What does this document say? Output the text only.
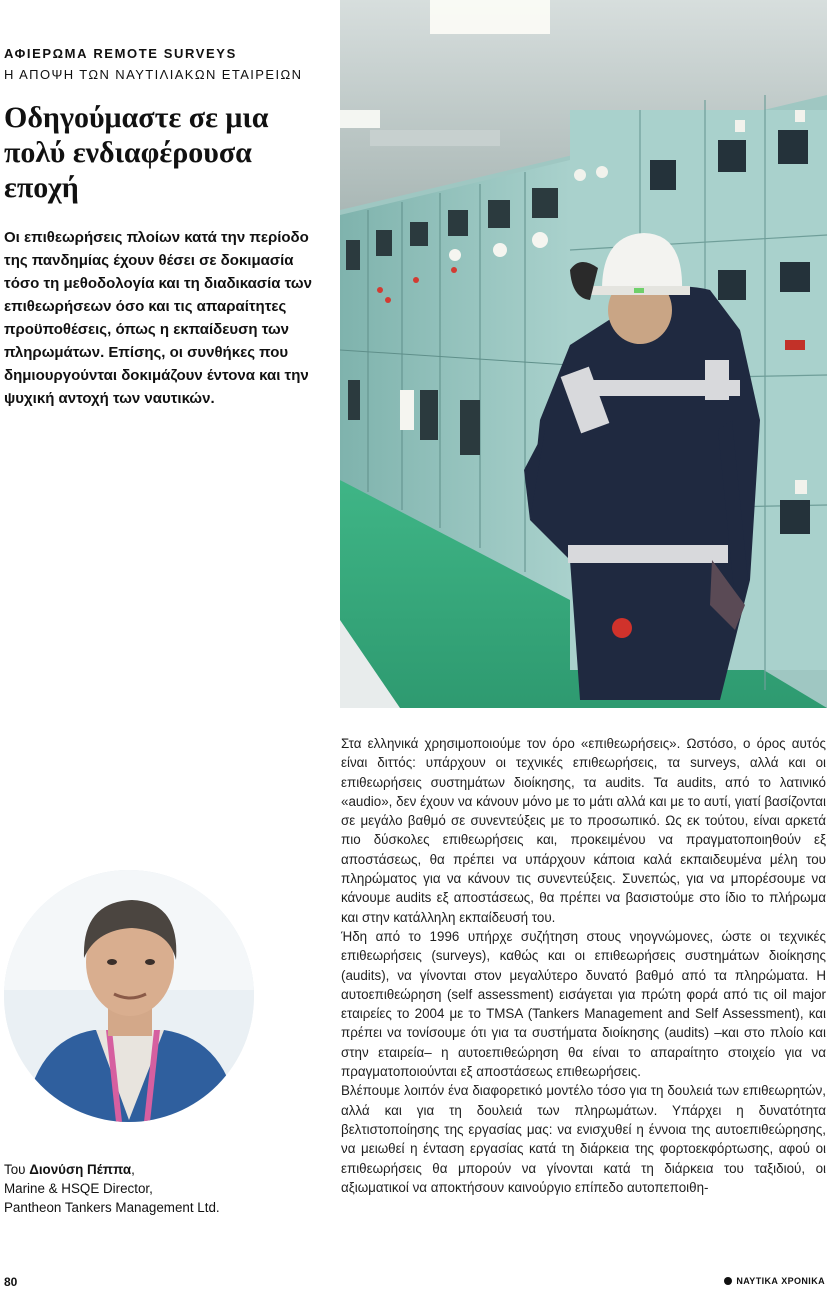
ΑΦΙΕΡΩΜΑ REMOTE SURVEYS
Η ΑΠΟΨΗ ΤΩΝ ΝΑΥΤΙΛΙΑΚΩΝ ΕΤΑΙΡΕΙΩΝ
Οδηγούμαστε σε μια πολύ ενδιαφέρουσα εποχή

Οι επιθεωρήσεις πλοίων κατά την περίοδο της πανδημίας έχουν θέσει σε δοκιμασία τόσο τη μεθοδολογία και τη διαδικασία των επιθεωρήσεων όσο και τις απαραίτητες προϋποθέσεις, όπως η εκπαίδευση των πληρωμάτων. Επίσης, οι συνθήκες που δημιουργούνται δοκιμάζουν έντονα και την ψυχική αντοχή των ναυτικών.

Του Διονύση Πέππα,
Marine & HSQE Director,
Pantheon Tankers Management Ltd.

Στα ελληνικά χρησιμοποιούμε τον όρο «επιθεωρήσεις». Ωστόσο, ο όρος αυτός είναι διττός: υπάρχουν οι τεχνικές επιθεωρήσεις, τα surveys, αλλά και οι επιθεωρήσεις συστημάτων διοίκησης, τα audits. Τα audits, από το λατινικό «audio», δεν έχουν να κάνουν μόνο με το μάτι αλλά και με το αυτί, γιατί βασίζονται σε μεγάλο βαθμό σε συνεντεύξεις με το προσωπικό. Ως εκ τούτου, είναι αρκετά πιο δύσκολες επιθεωρήσεις και, προκειμένου να πραγματοποιηθούν εξ αποστάσεως, θα πρέπει να υπάρχουν κάποια καλά εκπαιδευμένα μέλη του πληρώματος για να κάνουν τις συνεντεύξεις. Συνεπώς, για να μπορέσουμε να κάνουμε audits εξ αποστάσεως, θα πρέπει να βασιστούμε στο ίδιο το πλήρωμα και στην κατάλληλη εκπαίδευσή του.

Ήδη από το 1996 υπήρχε συζήτηση στους νηογνώμονες, ώστε οι τεχνικές επιθεωρήσεις (surveys), καθώς και οι επιθεωρήσεις συστημάτων διοίκησης (audits), να γίνονται στον μεγαλύτερο δυνατό βαθμό από τα πληρώματα. Η αυτοεπιθεώρηση (self assessment) εισάγεται για πρώτη φορά από τις oil major εταιρείες το 2004 με το TMSA (Tankers Management and Self Assessment), και πρέπει να τονίσουμε ότι για τα συστήματα διοίκησης (audits) –και στο πλοίο και στην εταιρεία– η αυτοεπιθεώρηση θα είναι το απαραίτητο στοιχείο για να πραγματοποιούνται εξ αποστάσεως επιθεωρήσεις.

Βλέπουμε λοιπόν ένα διαφορετικό μοντέλο τόσο για τη δουλειά των επιθεωρητών, αλλά και για τη δουλειά των πληρωμάτων. Υπάρχει η δυνατότητα βελτιστοποίησης της εργασίας μας: να ενισχυθεί η έννοια της αυτοεπιθεώρησης, να μειωθεί η ένταση εργασίας κατά τη διάρκεια της φορτοεκφόρτωσης, αφού οι επιθεωρήσεις θα μπορούν να γίνονται κατά τη διάρκεια του ταξιδιού, οι αξιωματικοί να αποκτήσουν καινούργιο επίπεδο αυτοπεποιθη-

80	ΝΑΥΤΙΚΑ ΧΡΟΝΙΚΑ
